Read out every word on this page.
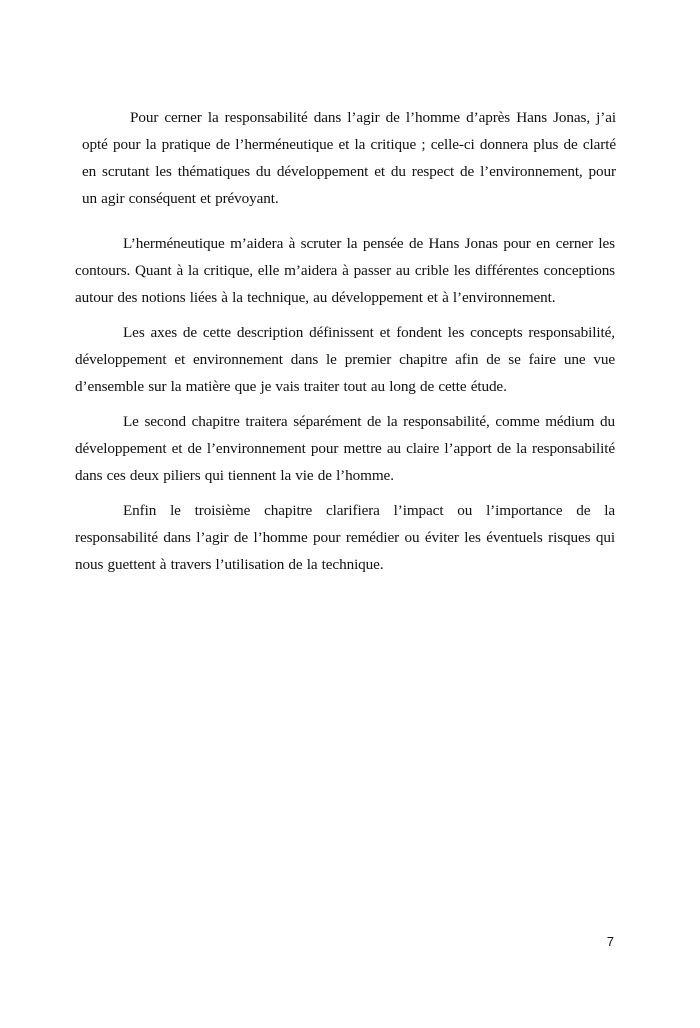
Pour cerner la responsabilité dans l’agir de l’homme d’après Hans Jonas, j’ai opté pour la pratique de l’herméneutique et la critique ; celle-ci donnera plus de clarté en scrutant les thématiques du développement et du respect de l’environnement, pour un agir conséquent et prévoyant.

L’herméneutique m’aidera à scruter la pensée de Hans Jonas pour en cerner les contours. Quant à la critique, elle m’aidera à passer au crible les différentes conceptions autour des notions liées à la technique, au développement et à l’environnement.

Les axes de cette description définissent et fondent les concepts responsabilité, développement et environnement dans le premier chapitre afin de se faire une vue d’ensemble sur la matière que je vais traiter tout au long de cette étude.

Le second chapitre traitera séparément de la responsabilité, comme médium du développement et de l’environnement pour mettre au claire l’apport de la responsabilité dans ces deux piliers qui tiennent la vie de l’homme.

Enfin le troisième chapitre clarifiera l’impact ou l’importance de la responsabilité dans l’agir de l’homme pour remédier ou éviter les éventuels risques qui nous guettent à travers l’utilisation de la technique.

7
